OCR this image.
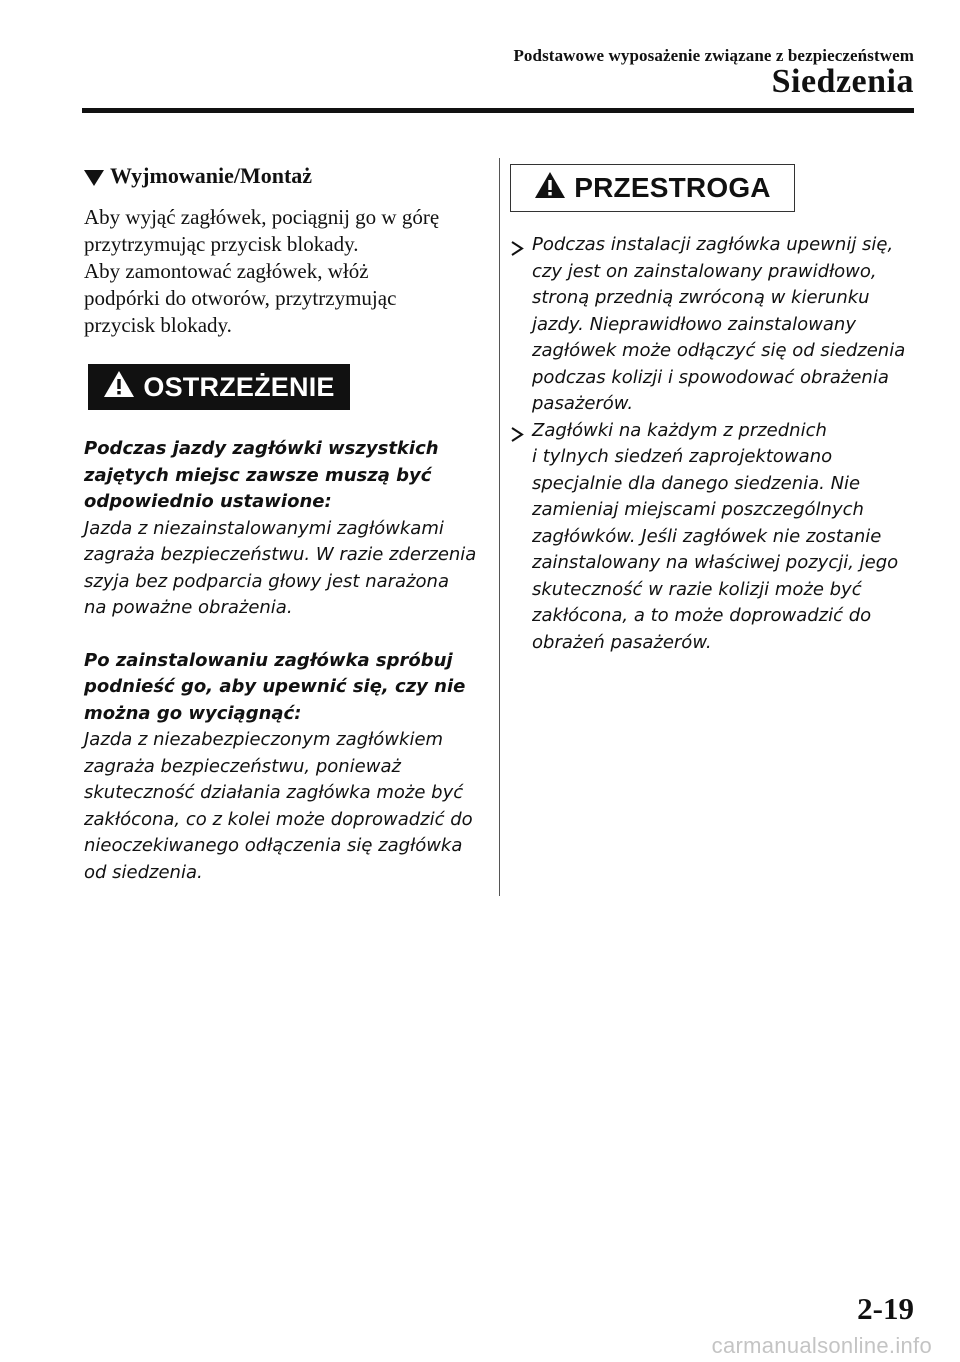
Podstawowe wyposażenie związane z bezpieczeństwem
Siedzenia
Wyjmowanie/Montaż
Aby wyjąć zagłówek, pociągnij go w górę
przytrzymując przycisk blokady.
Aby zamontować zagłówek, włóż
podpórki do otworów, przytrzymując
przycisk blokady.
OSTRZEŻENIE
Podczas jazdy zagłówki wszystkich
zajętych miejsc zawsze muszą być
odpowiednio ustawione:
Jazda z niezainstalowanymi zagłówkami
zagraża bezpieczeństwu. W razie zderzenia
szyja bez podparcia głowy jest narażona
na poważne obrażenia.
Po zainstalowaniu zagłówka spróbuj
podnieść go, aby upewnić się, czy nie
można go wyciągnąć:
Jazda z niezabezpieczonym zagłówkiem
zagraża bezpieczeństwu, ponieważ
skuteczność działania zagłówka może być
zakłócona, co z kolei może doprowadzić do
nieoczekiwanego odłączenia się zagłówka
od siedzenia.
PRZESTROGA
Podczas instalacji zagłówka upewnij się,
czy jest on zainstalowany prawidłowo,
stroną przednią zwróconą w kierunku
jazdy. Nieprawidłowo zainstalowany
zagłówek może odłączyć się od siedzenia
podczas kolizji i spowodować obrażenia
pasażerów.
Zagłówki na każdym z przednich
i tylnych siedzeń zaprojektowano
specjalnie dla danego siedzenia. Nie
zamieniaj miejscami poszczególnych
zagłówków. Jeśli zagłówek nie zostanie
zainstalowany na właściwej pozycji, jego
skuteczność w razie kolizji może być
zakłócona, a to może doprowadzić do
obrażeń pasażerów.
2-19
carmanualsonline.info
